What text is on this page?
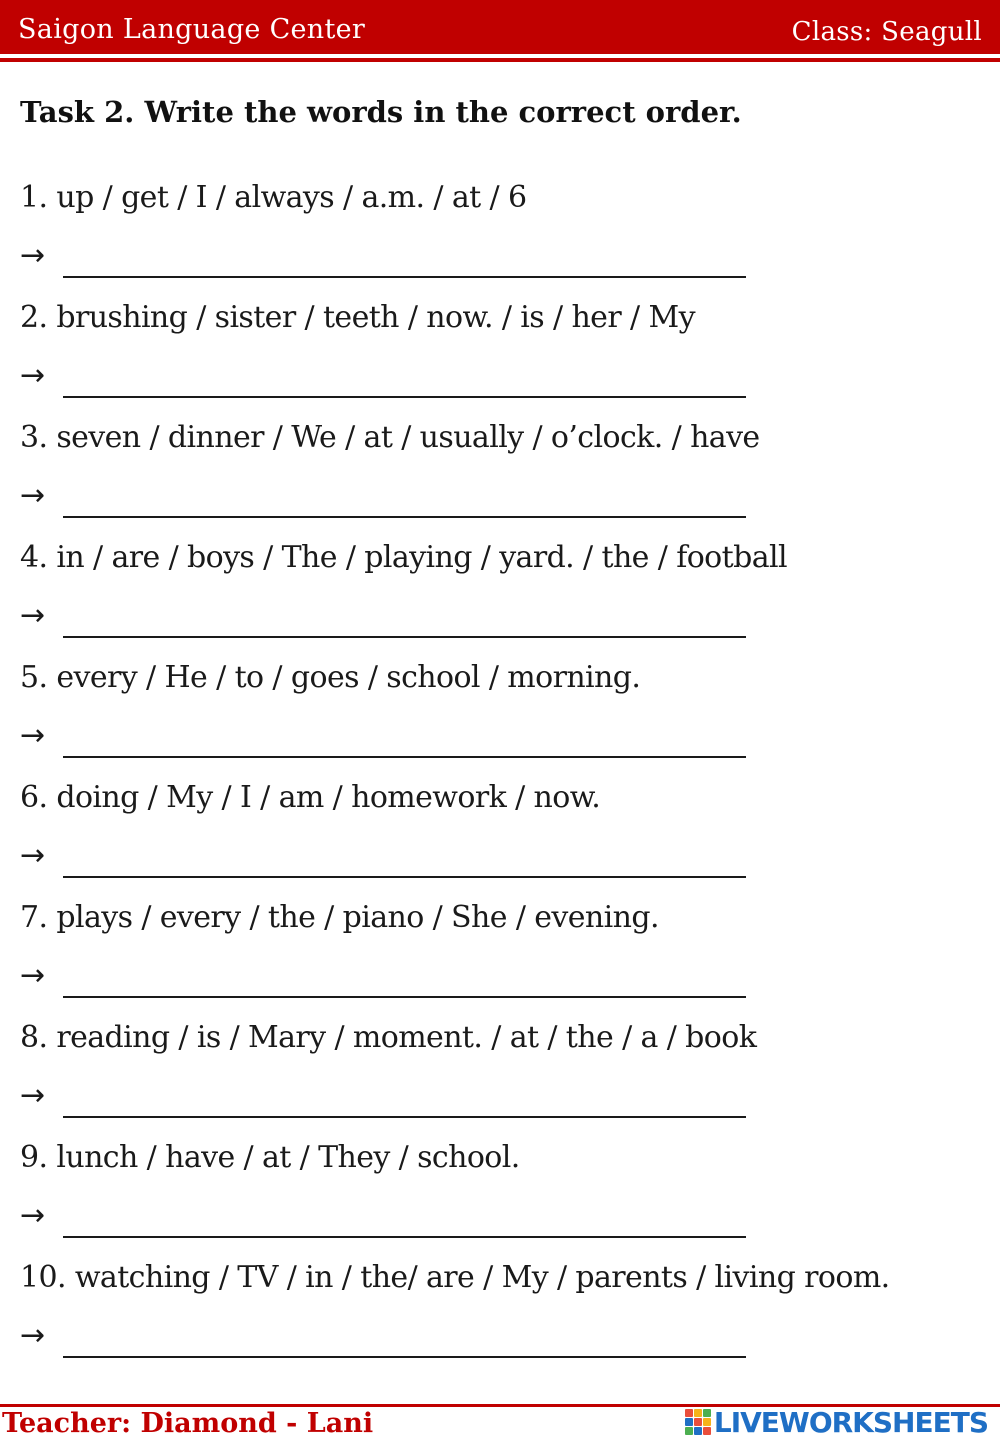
Saigon Language Center	Class: Seagull
Task 2. Write the words in the correct order.
1. up / get / I / always / a.m. / at / 6
→
2. brushing / sister / teeth / now. / is / her / My
→
3. seven / dinner / We / at / usually / o’clock. / have
→
4. in / are / boys / The / playing / yard. / the / football
→
5. every / He / to / goes / school / morning.
→
6. doing / My / I / am / homework / now.
→
7. plays / every / the / piano / She / evening.
→
8. reading / is / Mary / moment. / at / the / a / book
→
9. lunch / have / at / They / school.
→
10. watching / TV / in / the/ are / My / parents / living room.
→
Teacher: Diamond - Lani	LIVEWORKSHEETS
